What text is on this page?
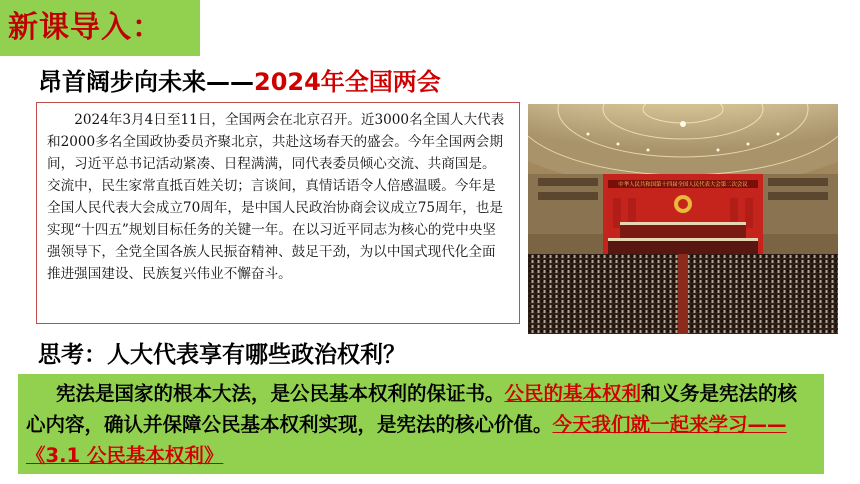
新课导入：
昂首阔步向未来——2024年全国两会
2024年3月4日至11日，全国两会在北京召开。近3000名全国人大代表和2000多名全国政协委员齐聚北京，共赴这场春天的盛会。今年全国两会期间，习近平总书记活动紧凑、日程满满，同代表委员倾心交流、共商国是。交流中，民生家常直抵百姓关切；言谈间，真情话语令人倍感温暖。今年是全国人民代表大会成立70周年，是中国人民政治协商会议成立75周年，也是实现“十四五”规划目标任务的关键一年。在以习近平同志为核心的党中央坚强领导下，全党全国各族人民振奋精神、鼓足干劲，为以中国式现代化全面推进强国建设、民族复兴伟业不懈奋斗。
中华人民共和国第十四届全国人民代表大会第二次会议
思考：人大代表享有哪些政治权利？
宪法是国家的根本大法，是公民基本权利的保证书。公民的基本权利和义务是宪法的核心内容，确认并保障公民基本权利实现，是宪法的核心价值。今天我们就一起来学习——《3.1 公民基本权利》
